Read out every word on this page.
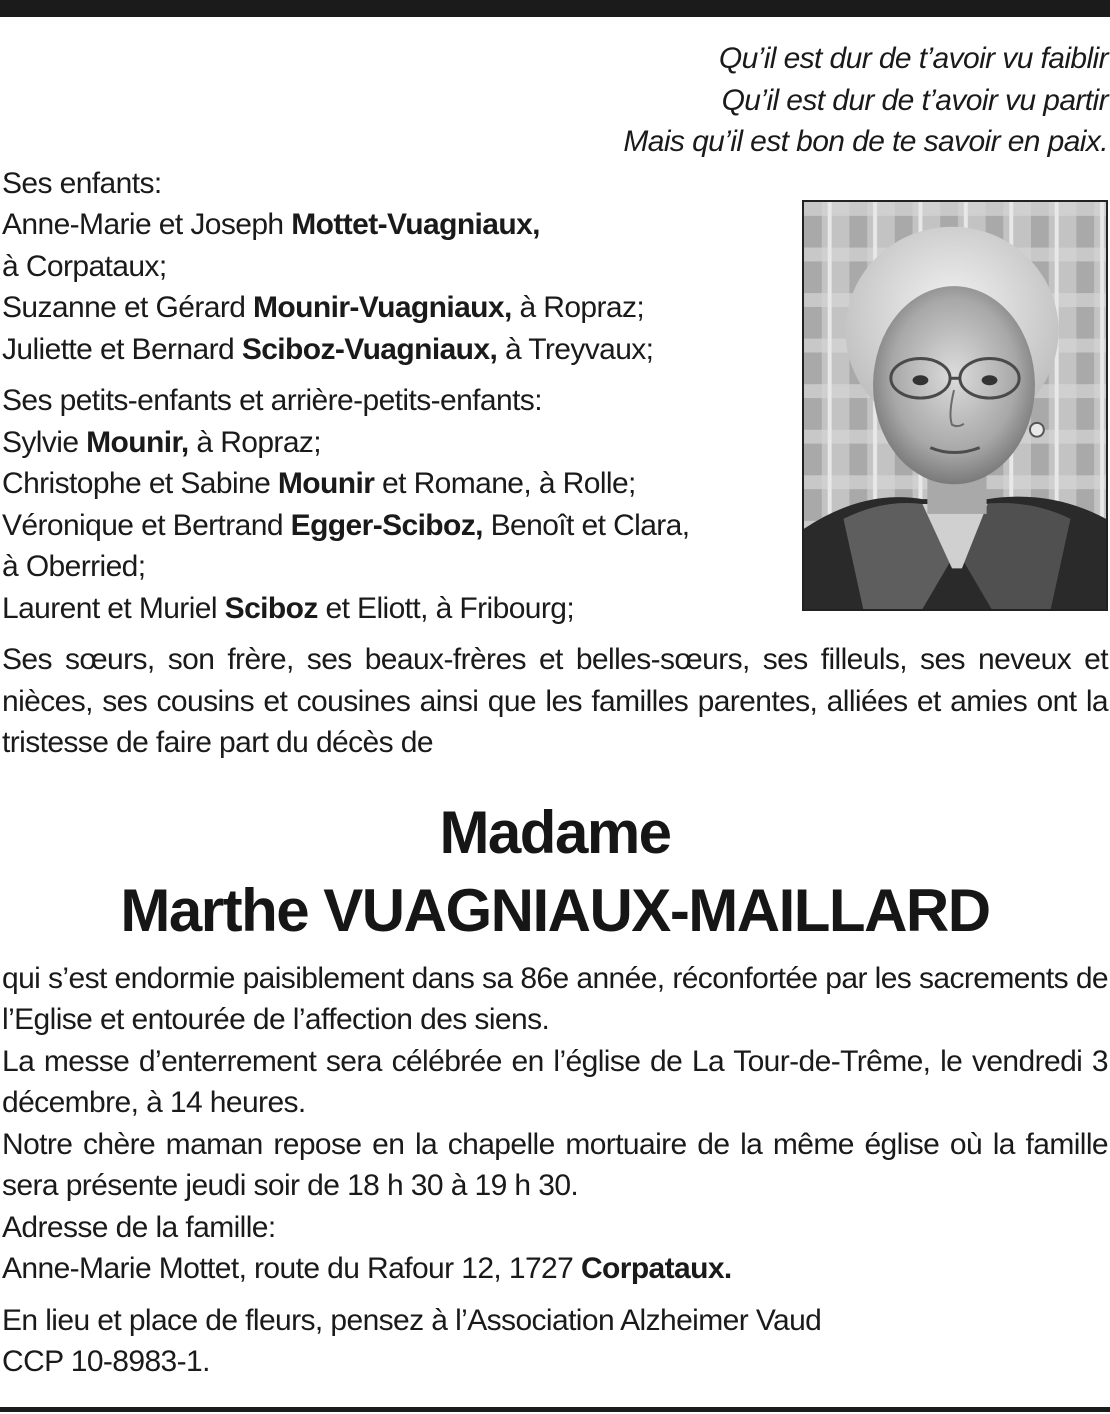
Qu’il est dur de t’avoir vu faiblir
Qu’il est dur de t’avoir vu partir
Mais qu’il est bon de te savoir en paix.
Ses enfants:
Anne-Marie et Joseph Mottet-Vuagniaux,
à Corpataux;
Suzanne et Gérard Mounir-Vuagniaux, à Ropraz;
Juliette et Bernard Sciboz-Vuagniaux, à Treyvaux;
Ses petits-enfants et arrière-petits-enfants:
Sylvie Mounir, à Ropraz;
Christophe et Sabine Mounir et Romane, à Rolle;
Véronique et Bertrand Egger-Sciboz, Benoît et Clara,
à Oberried;
Laurent et Muriel Sciboz et Eliott, à Fribourg;
Ses sœurs, son frère, ses beaux-frères et belles-sœurs, ses filleuls, ses neveux et nièces, ses cousins et cousines ainsi que les familles parentes, alliées et amies ont la tristesse de faire part du décès de
Madame
Marthe VUAGNIAUX-MAILLARD
qui s’est endormie paisiblement dans sa 86e année, réconfortée par les sacrements de l’Eglise et entourée de l’affection des siens.
La messe d’enterrement sera célébrée en l’église de La Tour-de-Trême, le vendredi 3 décembre, à 14 heures.
Notre chère maman repose en la chapelle mortuaire de la même église où la famille sera présente jeudi soir de 18 h 30 à 19 h 30.
Adresse de la famille:
Anne-Marie Mottet, route du Rafour 12, 1727 Corpataux.
En lieu et place de fleurs, pensez à l’Association Alzheimer Vaud
CCP 10-8983-1.
